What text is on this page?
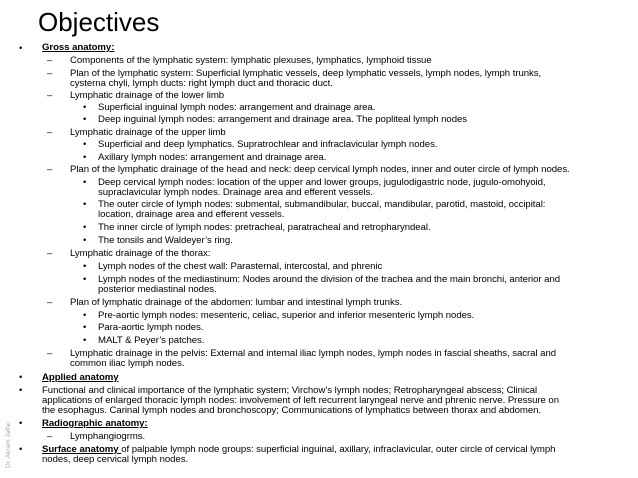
Objectives
Dr. Akram Jaffar
• Gross anatomy:
– Components of the lymphatic system: lymphatic plexuses, lymphatics, lymphoid tissue
– Plan of the lymphatic system: Superficial lymphatic vessels, deep lymphatic vessels, lymph nodes, lymph trunks,
cysterna chyli, lymph ducts: right lymph duct and thoracic duct.
– Lymphatic drainage of the lower limb
• Superficial inguinal lymph nodes: arrangement and drainage area.
• Deep inguinal lymph nodes: arrangement and drainage area. The popliteal lymph nodes
– Lymphatic drainage of the upper limb
• Superficial and deep lymphatics. Supratrochlear and infraclavicular lymph nodes.
• Axillary lymph nodes: arrangement and drainage area.
– Plan of the lymphatic drainage of the head and neck: deep cervical lymph nodes, inner and outer circle of lymph nodes.
• Deep cervical lymph nodes: location of the upper and lower groups, jugulodigastric node, jugulo-omohyoid,
supraclavicular lymph nodes. Drainage area and efferent vessels.
• The outer circle of lymph nodes: submental, submandibular, buccal, mandibular, parotid, mastoid, occipital:
location, drainage area and efferent vessels.
• The inner circle of lymph nodes: pretracheal, paratracheal and retropharyndeal.
• The tonsils and Waldeyer’s ring.
– Lymphatic drainage of the thorax:
• Lymph nodes of the chest wall: Parasternal, intercostal, and phrenic
• Lymph nodes of the mediastinum: Nodes around the division of the trachea and the main bronchi, anterior and
posterior mediastinal nodes.
– Plan of lymphatic drainage of the abdomen: lumbar and intestinal lymph trunks.
• Pre-aortic lymph nodes: mesenteric, celiac, superior and inferior mesenteric lymph nodes.
• Para-aortic lymph nodes.
• MALT & Peyer’s patches.
– Lymphatic drainage in the pelvis: External and internal iliac lymph nodes, lymph nodes in fascial sheaths, sacral and
common iliac lymph nodes.
• Applied anatomy
• Functional and clinical importance of the lymphatic system; Virchow’s lymph nodes; Retropharyngeal abscess; Clinical
applications of enlarged thoracic lymph nodes: involvement of left recurrent laryngeal nerve and phrenic nerve. Pressure on
the esophagus. Carinal lymph nodes and bronchoscopy; Communications of lymphatics between thorax and abdomen.
• Radiographic anatomy:
– Lymphangiogrms.
• Surface anatomy of palpable lymph node groups: superficial inguinal, axillary, infraclavicular, outer circle of cervical lymph
nodes, deep cervical lymph nodes.
